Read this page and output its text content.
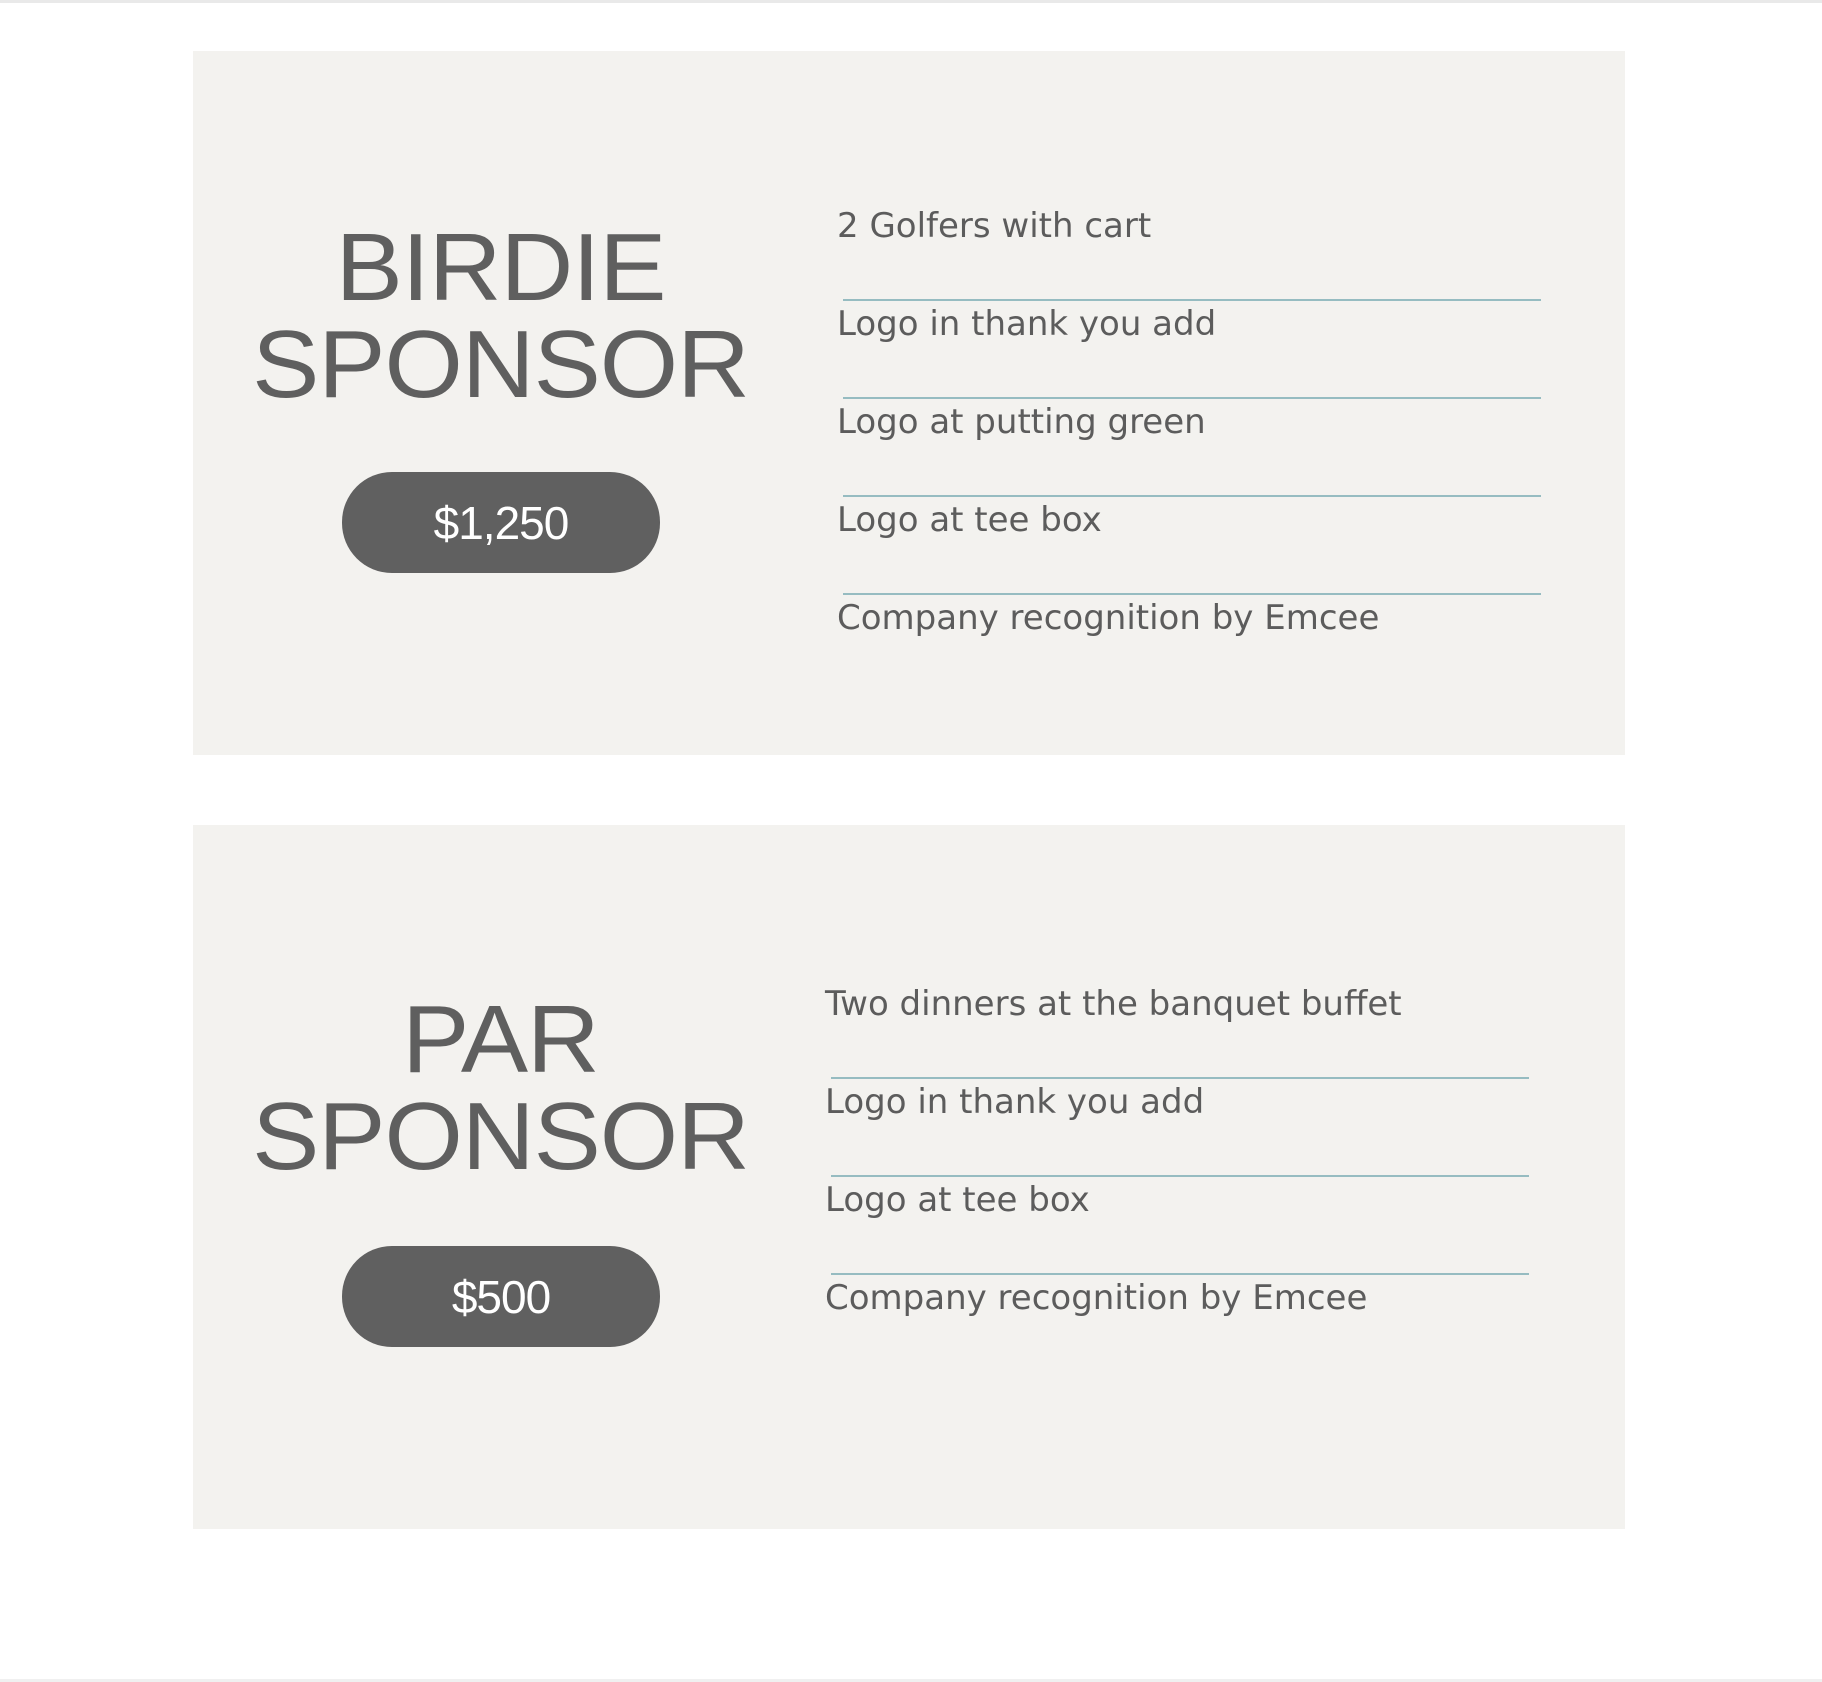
BIRDIE
SPONSOR
$1,250
2 Golfers with cart
Logo in thank you add
Logo at putting green
Logo at tee box
Company recognition by Emcee
PAR
SPONSOR
$500
Two dinners at the banquet buffet
Logo in thank you add
Logo at tee box
Company recognition by Emcee
